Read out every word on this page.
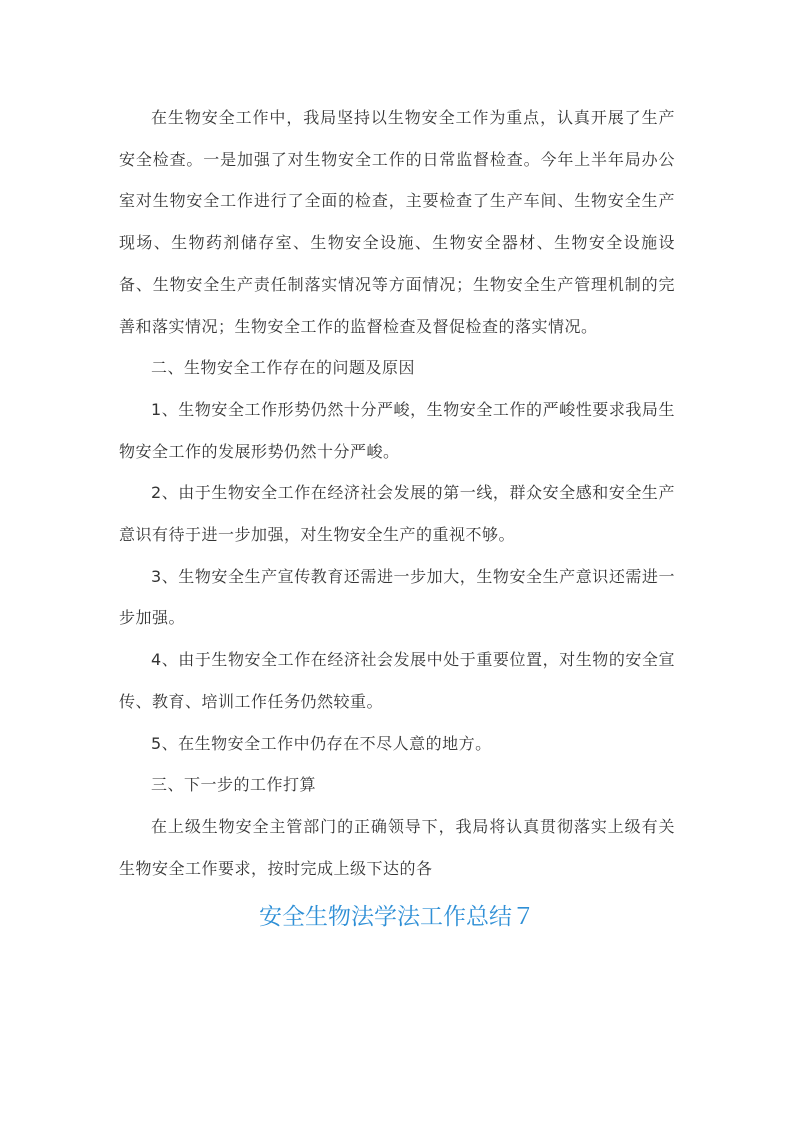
在生物安全工作中，我局坚持以生物安全工作为重点，认真开展了生产安全检查。一是加强了对生物安全工作的日常监督检查。今年上半年局办公室对生物安全工作进行了全面的检查，主要检查了生产车间、生物安全生产现场、生物药剂储存室、生物安全设施、生物安全器材、生物安全设施设备、生物安全生产责任制落实情况等方面情况；生物安全生产管理机制的完善和落实情况；生物安全工作的监督检查及督促检查的落实情况。

二、生物安全工作存在的问题及原因

1、生物安全工作形势仍然十分严峻，生物安全工作的严峻性要求我局生物安全工作的发展形势仍然十分严峻。

2、由于生物安全工作在经济社会发展的第一线，群众安全感和安全生产意识有待于进一步加强，对生物安全生产的重视不够。

3、生物安全生产宣传教育还需进一步加大，生物安全生产意识还需进一步加强。

4、由于生物安全工作在经济社会发展中处于重要位置，对生物的安全宣传、教育、培训工作任务仍然较重。

5、在生物安全工作中仍存在不尽人意的地方。

三、下一步的工作打算

在上级生物安全主管部门的正确领导下，我局将认真贯彻落实上级有关生物安全工作要求，按时完成上级下达的各

安全生物法学法工作总结７
